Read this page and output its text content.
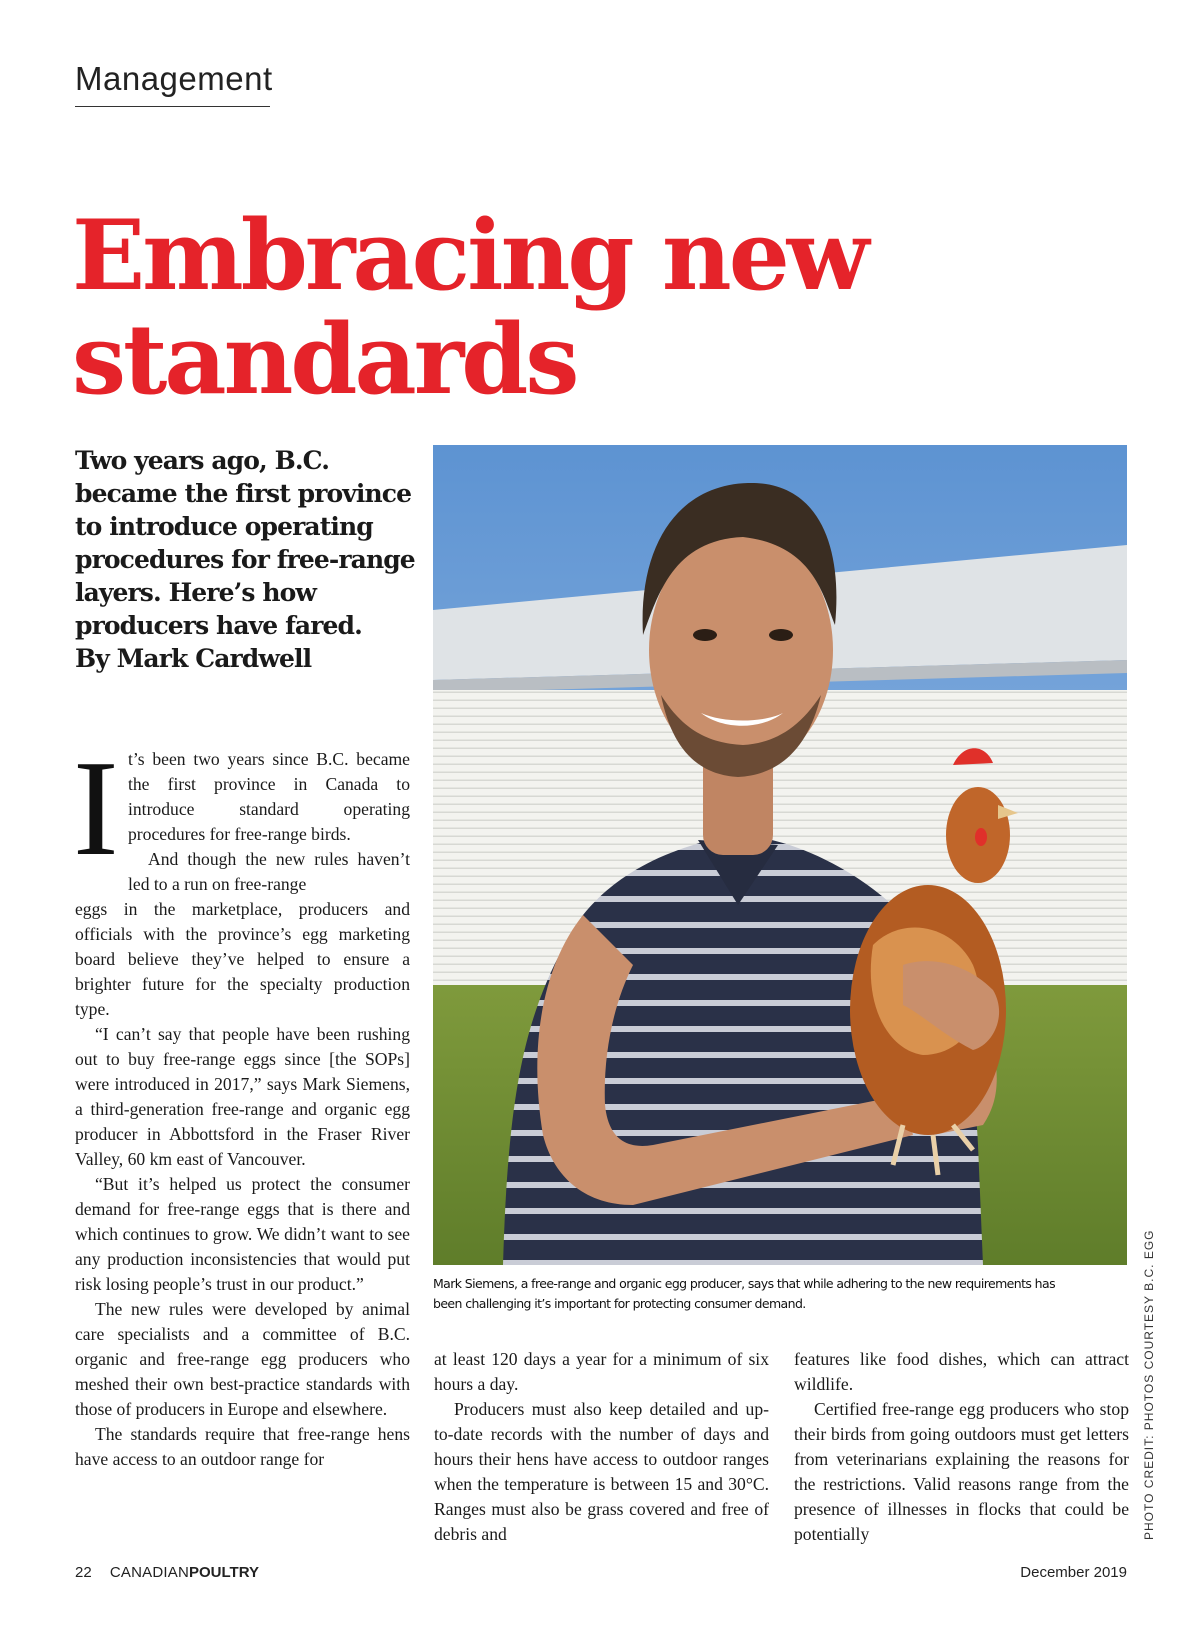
Management
Embracing new standards
Two years ago, B.C.
became the first province
to introduce operating
procedures for free-range
layers. Here’s how
producers have fared.
By Mark Cardwell
Mark Siemens, a free-range and organic egg producer, says that while adhering to the new requirements has
been challenging it’s important for protecting consumer demand.	PHOTO CREDIT: PHOTOS COURTESY B.C. EGG
I t’s been two years since B.C. became the first province in Canada to introduce standard operating procedures for free-range birds.

And though the new rules haven’t led to a run on free-range

eggs in the marketplace, producers and officials with the province’s egg marketing board believe they’ve helped to ensure a brighter future for the specialty production type.

“I can’t say that people have been rushing out to buy free-range eggs since [the SOPs] were introduced in 2017,” says Mark Siemens, a third-generation free-range and organic egg producer in Abbottsford in the Fraser River Valley, 60 km east of Vancouver.

“But it’s helped us protect the consumer demand for free-range eggs that is there and which continues to grow. We didn’t want to see any production inconsistencies that would put risk losing people’s trust in our product.”

The new rules were developed by animal care specialists and a committee of B.C. organic and free-range egg producers who meshed their own best-practice standards with those of producers in Europe and elsewhere.

The standards require that free-range hens have access to an outdoor range for

at least 120 days a year for a minimum of six hours a day.

Producers must also keep detailed and up-to-date records with the number of days and hours their hens have access to outdoor ranges when the temperature is between 15 and 30°C. Ranges must also be grass covered and free of debris and

features like food dishes, which can attract wildlife.

Certified free-range egg producers who stop their birds from going outdoors must get letters from veterinarians explaining the reasons for the restrictions. Valid reasons range from the presence of illnesses in flocks that could be potentially

22 CANADIANPOULTRY	December 2019
